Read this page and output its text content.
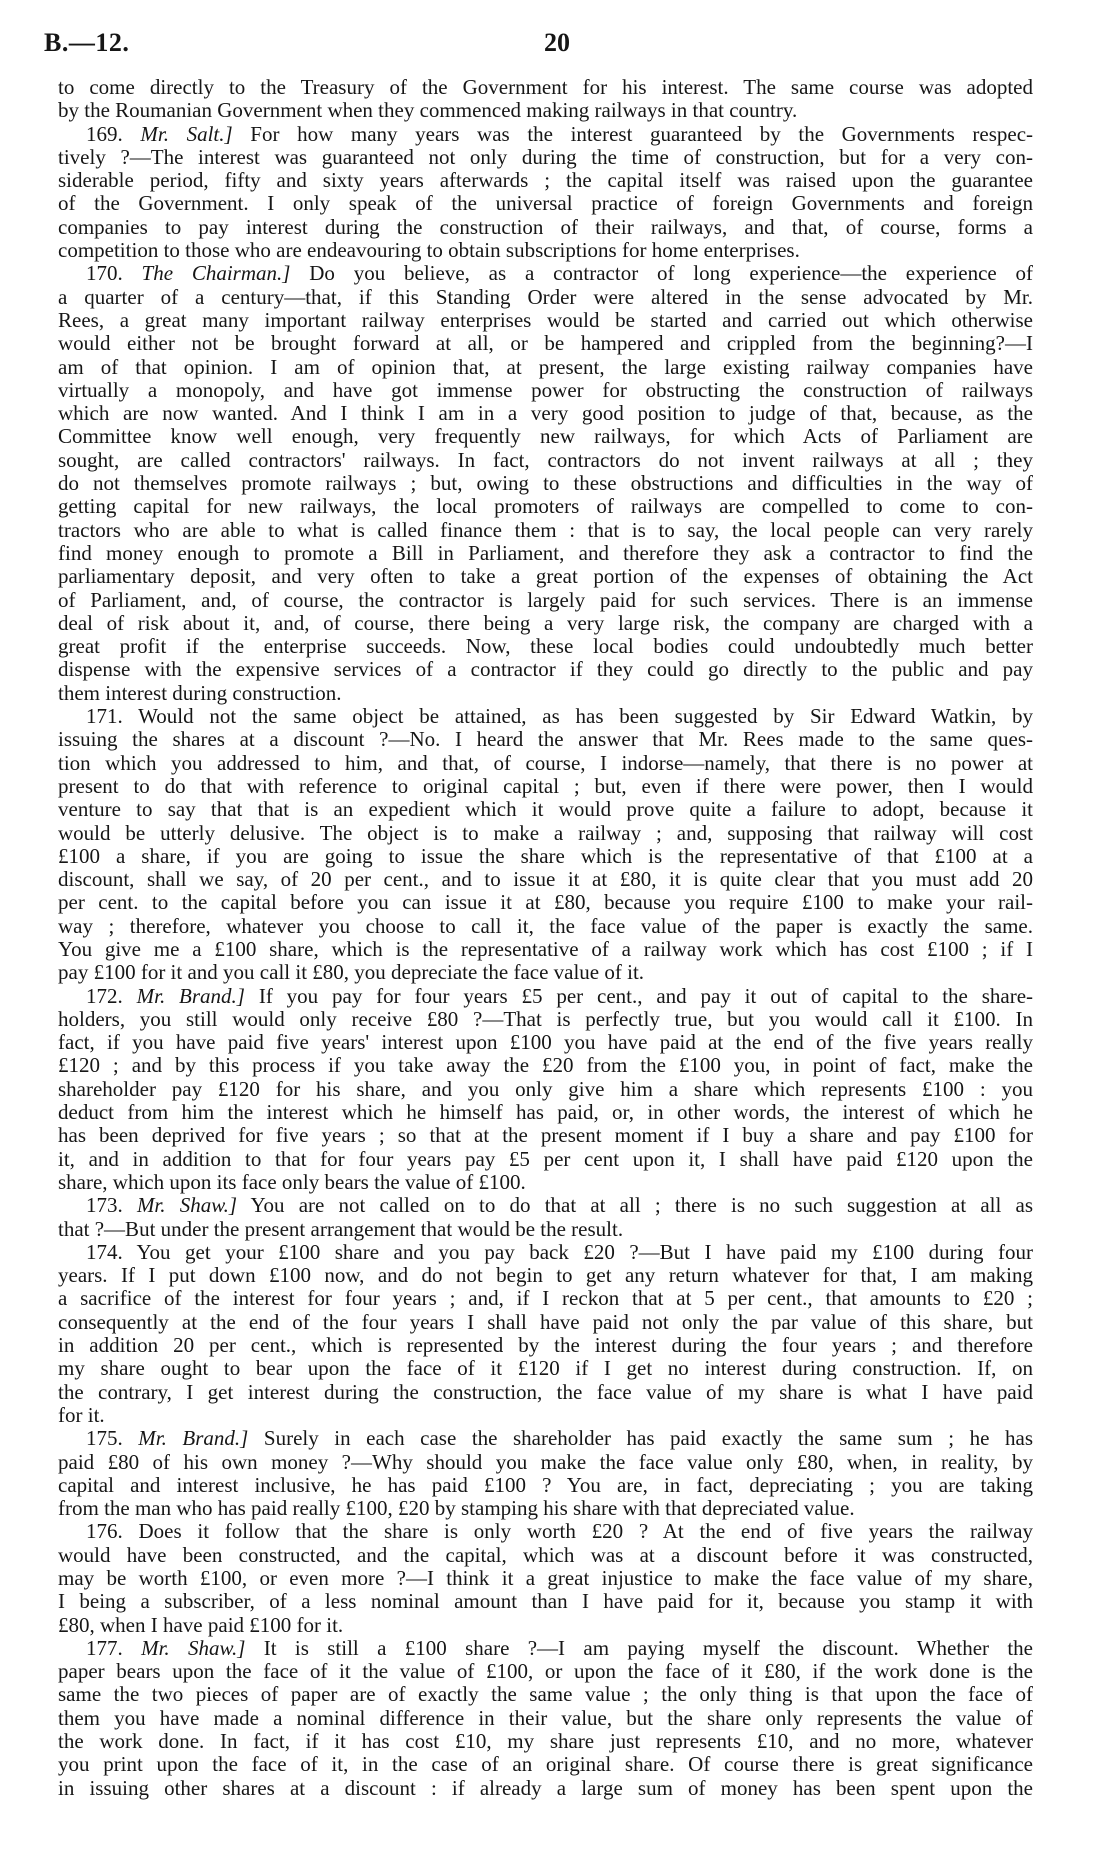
B.—12.	20
to come directly to the Treasury of the Government for his interest. The same course was adopted
by the Roumanian Government when they commenced making railways in that country.
169. Mr. Salt.] For how many years was the interest guaranteed by the Governments respec-
tively ?—The interest was guaranteed not only during the time of construction, but for a very con-
siderable period, fifty and sixty years afterwards ; the capital itself was raised upon the guarantee
of the Government. I only speak of the universal practice of foreign Governments and foreign
companies to pay interest during the construction of their railways, and that, of course, forms a
competition to those who are endeavouring to obtain subscriptions for home enterprises.
170. The Chairman.] Do you believe, as a contractor of long experience—the experience of
a quarter of a century—that, if this Standing Order were altered in the sense advocated by Mr.
Rees, a great many important railway enterprises would be started and carried out which otherwise
would either not be brought forward at all, or be hampered and crippled from the beginning?—I
am of that opinion. I am of opinion that, at present, the large existing railway companies have
virtually a monopoly, and have got immense power for obstructing the construction of railways
which are now wanted. And I think I am in a very good position to judge of that, because, as the
Committee know well enough, very frequently new railways, for which Acts of Parliament are
sought, are called contractors' railways. In fact, contractors do not invent railways at all ; they
do not themselves promote railways ; but, owing to these obstructions and difficulties in the way of
getting capital for new railways, the local promoters of railways are compelled to come to con-
tractors who are able to what is called finance them : that is to say, the local people can very rarely
find money enough to promote a Bill in Parliament, and therefore they ask a contractor to find the
parliamentary deposit, and very often to take a great portion of the expenses of obtaining the Act
of Parliament, and, of course, the contractor is largely paid for such services. There is an immense
deal of risk about it, and, of course, there being a very large risk, the company are charged with a
great profit if the enterprise succeeds. Now, these local bodies could undoubtedly much better
dispense with the expensive services of a contractor if they could go directly to the public and pay
them interest during construction.
171. Would not the same object be attained, as has been suggested by Sir Edward Watkin, by
issuing the shares at a discount ?—No. I heard the answer that Mr. Rees made to the same ques-
tion which you addressed to him, and that, of course, I indorse—namely, that there is no power at
present to do that with reference to original capital ; but, even if there were power, then I would
venture to say that that is an expedient which it would prove quite a failure to adopt, because it
would be utterly delusive. The object is to make a railway ; and, supposing that railway will cost
£100 a share, if you are going to issue the share which is the representative of that £100 at a
discount, shall we say, of 20 per cent., and to issue it at £80, it is quite clear that you must add 20
per cent. to the capital before you can issue it at £80, because you require £100 to make your rail-
way ; therefore, whatever you choose to call it, the face value of the paper is exactly the same.
You give me a £100 share, which is the representative of a railway work which has cost £100 ; if I
pay £100 for it and you call it £80, you depreciate the face value of it.
172. Mr. Brand.] If you pay for four years £5 per cent., and pay it out of capital to the share-
holders, you still would only receive £80 ?—That is perfectly true, but you would call it £100. In
fact, if you have paid five years' interest upon £100 you have paid at the end of the five years really
£120 ; and by this process if you take away the £20 from the £100 you, in point of fact, make the
shareholder pay £120 for his share, and you only give him a share which represents £100 : you
deduct from him the interest which he himself has paid, or, in other words, the interest of which he
has been deprived for five years ; so that at the present moment if I buy a share and pay £100 for
it, and in addition to that for four years pay £5 per cent upon it, I shall have paid £120 upon the
share, which upon its face only bears the value of £100.
173. Mr. Shaw.] You are not called on to do that at all ; there is no such suggestion at all as
that ?—But under the present arrangement that would be the result.
174. You get your £100 share and you pay back £20 ?—But I have paid my £100 during four
years. If I put down £100 now, and do not begin to get any return whatever for that, I am making
a sacrifice of the interest for four years ; and, if I reckon that at 5 per cent., that amounts to £20 ;
consequently at the end of the four years I shall have paid not only the par value of this share, but
in addition 20 per cent., which is represented by the interest during the four years ; and therefore
my share ought to bear upon the face of it £120 if I get no interest during construction. If, on
the contrary, I get interest during the construction, the face value of my share is what I have paid
for it.
175. Mr. Brand.] Surely in each case the shareholder has paid exactly the same sum ; he has
paid £80 of his own money ?—Why should you make the face value only £80, when, in reality, by
capital and interest inclusive, he has paid £100 ? You are, in fact, depreciating ; you are taking
from the man who has paid really £100, £20 by stamping his share with that depreciated value.
176. Does it follow that the share is only worth £20 ? At the end of five years the railway
would have been constructed, and the capital, which was at a discount before it was constructed,
may be worth £100, or even more ?—I think it a great injustice to make the face value of my share,
I being a subscriber, of a less nominal amount than I have paid for it, because you stamp it with
£80, when I have paid £100 for it.
177. Mr. Shaw.] It is still a £100 share ?—I am paying myself the discount. Whether the
paper bears upon the face of it the value of £100, or upon the face of it £80, if the work done is the
same the two pieces of paper are of exactly the same value ; the only thing is that upon the face of
them you have made a nominal difference in their value, but the share only represents the value of
the work done. In fact, if it has cost £10, my share just represents £10, and no more, whatever
you print upon the face of it, in the case of an original share. Of course there is great significance
in issuing other shares at a discount : if already a large sum of money has been spent upon the
